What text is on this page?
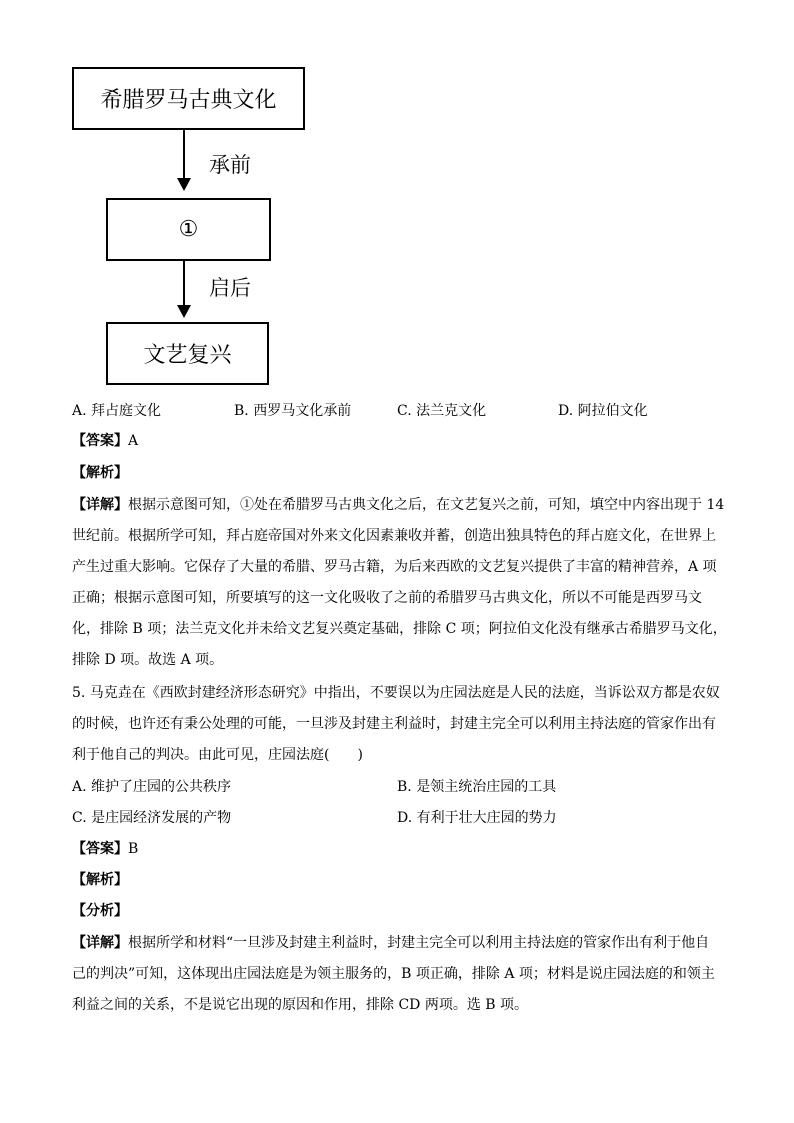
希腊罗马古典文化
承前
①
启后
文艺复兴
A. 拜占庭文化	B. 西罗马文化承前	C. 法兰克文化	D. 阿拉伯文化
【答案】A
【解析】
【详解】根据示意图可知，①处在希腊罗马古典文化之后，在文艺复兴之前，可知，填空中内容出现于 14
世纪前。根据所学可知，拜占庭帝国对外来文化因素兼收并蓄，创造出独具特色的拜占庭文化，在世界上
产生过重大影响。它保存了大量的希腊、罗马古籍，为后来西欧的文艺复兴提供了丰富的精神营养，A 项
正确；根据示意图可知，所要填写的这一文化吸收了之前的希腊罗马古典文化，所以不可能是西罗马文
化，排除 B 项；法兰克文化并未给文艺复兴奠定基础，排除 C 项；阿拉伯文化没有继承古希腊罗马文化，
排除 D 项。故选 A 项。
5. 马克垚在《西欧封建经济形态研究》中指出，不要误以为庄园法庭是人民的法庭，当诉讼双方都是农奴
的时候，也许还有秉公处理的可能，一旦涉及封建主利益时，封建主完全可以利用主持法庭的管家作出有
利于他自己的判决。由此可见，庄园法庭(　　)
A. 维护了庄园的公共秩序	B. 是领主统治庄园的工具
C. 是庄园经济发展的产物	D. 有利于壮大庄园的势力
【答案】B
【解析】
【分析】
【详解】根据所学和材料“一旦涉及封建主利益时，封建主完全可以利用主持法庭的管家作出有利于他自
己的判决”可知，这体现出庄园法庭是为领主服务的，B 项正确，排除 A 项；材料是说庄园法庭的和领主
利益之间的关系，不是说它出现的原因和作用，排除 CD 两项。选 B 项。
